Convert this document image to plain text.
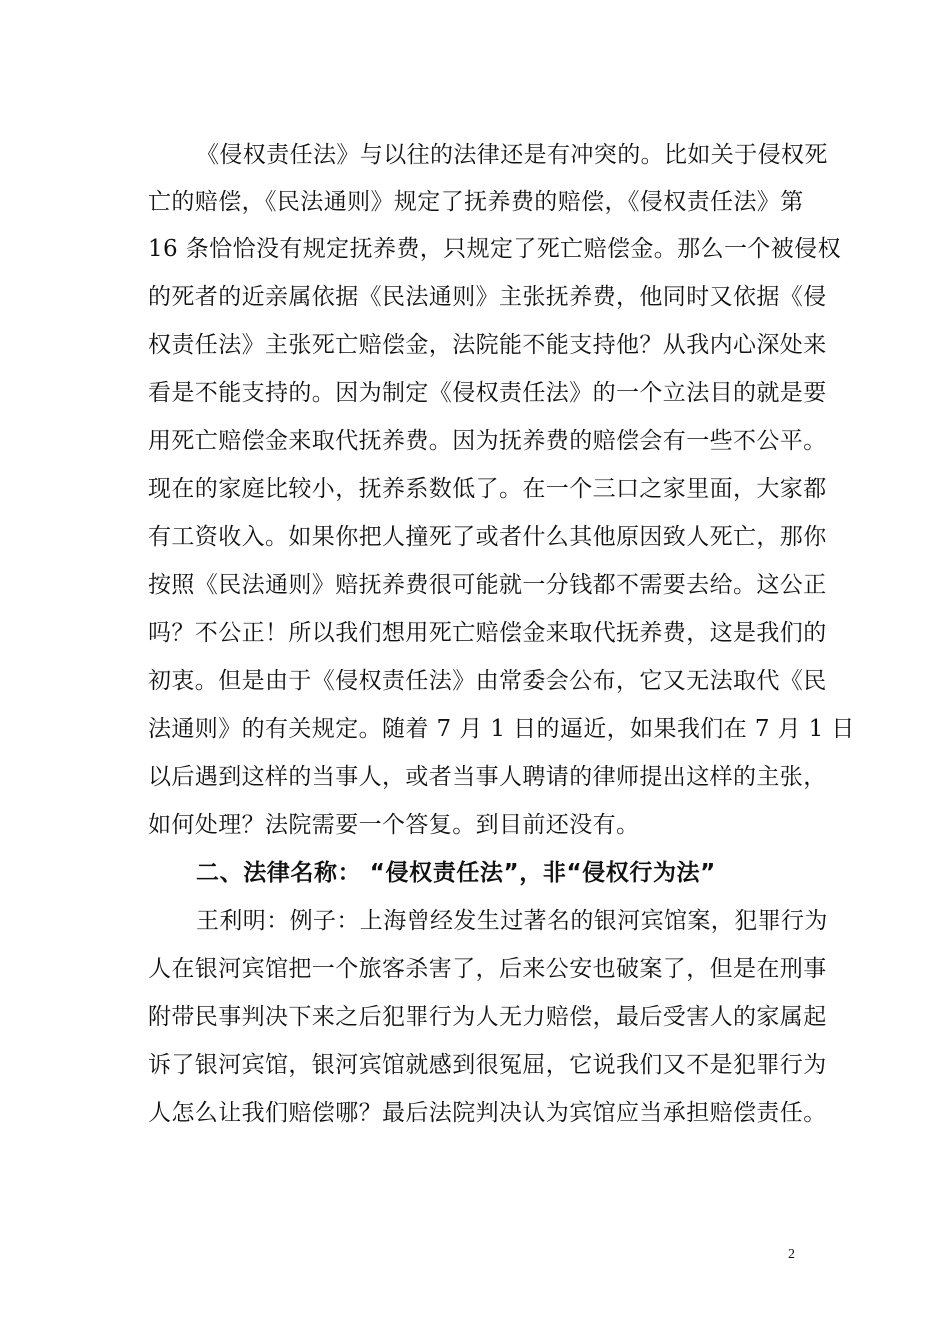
《侵权责任法》与以往的法律还是有冲突的。比如关于侵权死
亡的赔偿，《民法通则》规定了抚养费的赔偿，《侵权责任法》第
16 条恰恰没有规定抚养费，只规定了死亡赔偿金。那么一个被侵权
的死者的近亲属依据《民法通则》主张抚养费，他同时又依据《侵
权责任法》主张死亡赔偿金，法院能不能支持他？从我内心深处来
看是不能支持的。因为制定《侵权责任法》的一个立法目的就是要
用死亡赔偿金来取代抚养费。因为抚养费的赔偿会有一些不公平。
现在的家庭比较小，抚养系数低了。在一个三口之家里面，大家都
有工资收入。如果你把人撞死了或者什么其他原因致人死亡，那你
按照《民法通则》赔抚养费很可能就一分钱都不需要去给。这公正
吗？不公正！所以我们想用死亡赔偿金来取代抚养费，这是我们的
初衷。但是由于《侵权责任法》由常委会公布，它又无法取代《民
法通则》的有关规定。随着 7 月 1 日的逼近，如果我们在 7 月 1 日
以后遇到这样的当事人，或者当事人聘请的律师提出这样的主张，
如何处理？法院需要一个答复。到目前还没有。
二、法律名称： “侵权责任法”，非“侵权行为法”
王利明：例子：上海曾经发生过著名的银河宾馆案，犯罪行为
人在银河宾馆把一个旅客杀害了，后来公安也破案了，但是在刑事
附带民事判决下来之后犯罪行为人无力赔偿，最后受害人的家属起
诉了银河宾馆，银河宾馆就感到很冤屈，它说我们又不是犯罪行为
人怎么让我们赔偿哪？最后法院判决认为宾馆应当承担赔偿责任。
2
